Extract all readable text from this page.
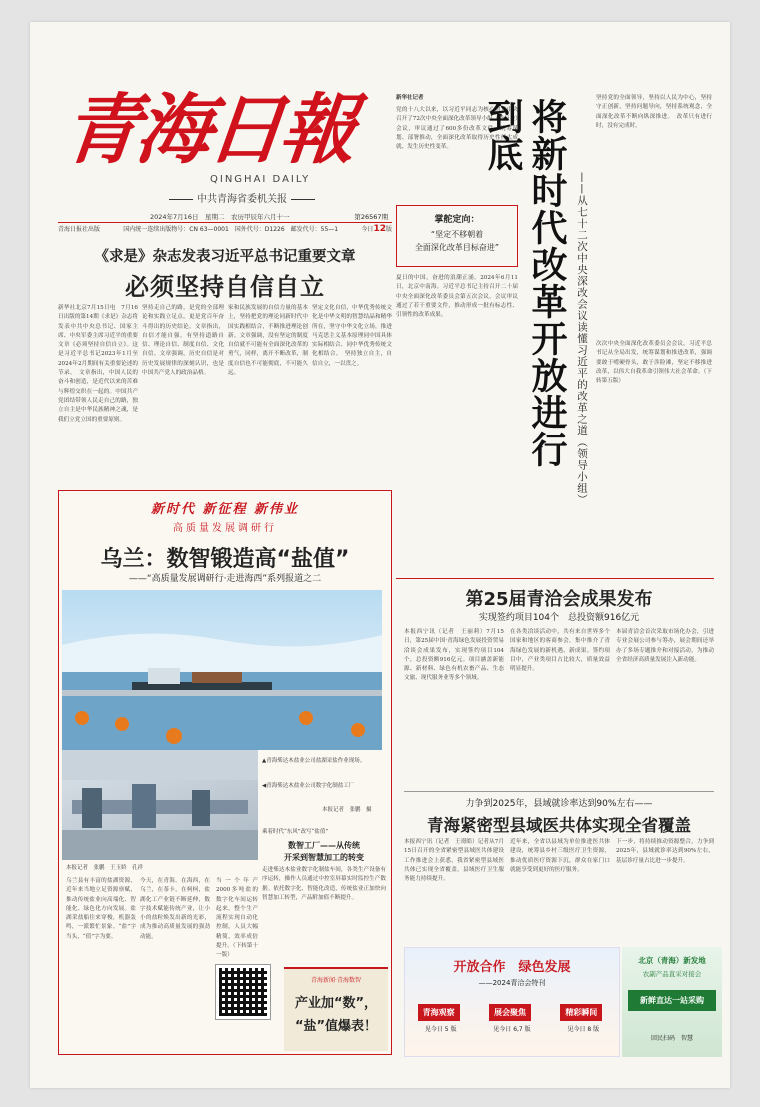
青海日報
QINGHAI DAILY
中共青海省委机关报
2024年7月16日　星期二　农历甲辰年六月十一	第26567期
青海日报社出版	国内统一连续出版物号：CN 63—0001　国外代号：D1226　邮发代号：55—1	今日12版
《求是》杂志发表习近平总书记重要文章
必须坚持自信自立
新华社北京7月15日电　7月16日出版的第14期《求是》杂志将发表中共中央总书记、国家主席、中央军委主席习近平的重要文章《必须坚持自信自立》。这是习近平总书记2023年1月至2024年2月期间有关重要论述的节录。　文章指出，中国人民的奋斗和创造，是近代以来的苦难与辉煌交织在一起的。中国共产党团结带领人民走自己的路，独立自主是中华民族精神之魂，是我们立党立国的重要原则。
坚持走自己的路，是党的全部理论和实践立足点，更是党百年奋斗得出的历史结论。文章指出，自信才能自强。有坚持道路自信、理论自信、制度自信、文化自信。文章强调，历史自信是对历史发展规律的深刻认识，也是中国共产党人的政治品格。
家和民族发展的自信力量的基本上，坚持把党的理论同新时代中国实践相结合，不断推进理论创新。文章强调，没有坚定的制度自信就不可能有全面深化改革的勇气，同样，离开不断改革，制度自信也不可能彻底，不可能久远。
坚定文化自信，中华优秀传统文化是中华文明的智慧结晶和精华所在，坚守中华文化立场，推进马克思主义基本原理同中国具体实际相结合、同中华优秀传统文化相结合。　坚持独立自主，自信自立，一以贯之。
新时代 新征程 新伟业
高质量发展调研行
乌兰：数智锻造高“盐值”
——“高质量发展调研行·走进海西”系列报道之二
▲青海柴达木盐业公司盐湖采盐作业现场。
◀青海柴达木盐业公司数字化制盐工厂
本报记者　张鹏　摄
乘着时代“东风”改写“盐值”
数智工厂——从传统
开采到智慧加工的转变
走进柴达木盐业数字化制盐车间，各类生产设备有序运转，操作人员通过中控室屏幕实时监控生产数据。依托数字化、智能化改造，传统盐业正加快向智慧加工转型，产品附加值不断提升。
本报记者　张鹏　王玉娇　孔祥
乌兰县有丰富的盐湖资源，近年来当地立足资源禀赋，推动传统盐业向高端化、智能化、绿色化方向发展。盐湖采盐船往来穿梭，机器轰鸣，一派繁忙景象。“盐”字当头，“值”字为要。
今天，在青海，在海西，在乌兰，在茶卡，在柯柯，盐湖化工产业链不断延伸，数字技术赋能传统产业，让小小的盐粒焕发出新的光彩，成为推动高质量发展的强劲动能。
当一个年产2000多吨盐的数字化车间运转起来，整个生产流程实现自动化控制，人员大幅精简，效率成倍提升。（下转第十一版）
青海新闻·青海数智
产业加“数”，
“盐”值爆表！
新华社记者
党的十八大以来，以习近平同志为核心的党中央召开了72次中央全面深化改革领导小组（委员会）会议，审议通过了600多份改革文件，统筹谋划、部署推动，全面深化改革取得历史性伟大成就、发生历史性变革。
掌舵定向：
“坚定不移朝着
全面深化改革目标奋进”
夏日的中国，奋进的浪潮正涌。2024年6月11日，北京中南海。习近平总书记主持召开二十届中央全面深化改革委员会第五次会议。会议审议通过了若干重要文件，推动形成一批有标志性、引领性的改革成果。	将新时代改革开放进行到底
——从七十二次中央深改会议读懂习近平的改革之道（领导小组）
坚持党的全面领导，坚持以人民为中心，坚持守正创新，坚持问题导向，坚持系统观念，全面深化改革不断向纵深推进。　改革只有进行时，没有完成时。
次次中央全面深化改革委员会会议，习近平总书记从全局出发，统筹谋划和推进改革，强调要敢于啃硬骨头，敢于涉险滩，坚定不移推进改革，以伟大自我革命引领伟大社会革命。（下转第五版）
第25届青洽会成果发布
实现签约项目104个　总投资额916亿元
本报西宁讯（记者　王丽莉）7月15日，第25届中国·青海绿色发展投资贸易洽谈会成果发布，实现签约项目104个，总投资额916亿元。项目涵盖新能源、新材料、绿色有机农畜产品、生态文旅、现代服务业等多个领域。
在各类洽谈活动中，共有来自世界多个国家和地区的客商参会，集中推介了青海绿色发展的新机遇、新成果。签约项目中，产业类项目占比较大，质量效益明显提升。
本届青洽会首次采取市场化办会，引进专业会展公司参与筹办，展会期间还举办了多场专题推介和对接活动，为推动全省经济高质量发展注入新动能。
力争到2025年，县域就诊率达到90%左右——
青海紧密型县域医共体实现全省覆盖
本报西宁讯（记者　王璟皓）记者从7月15日召开的全省紧密型县域医共体建设工作推进会上获悉，我省紧密型县域医共体已实现全省覆盖，县域医疗卫生服务能力持续提升。
近年来，全省以县域为单位推进医共体建设，统筹县乡村三级医疗卫生资源，推动优质医疗资源下沉，群众在家门口就能享受到更好的医疗服务。
下一步，将持续推动资源整合，力争到2025年，县域就诊率达到90%左右，基层诊疗量占比进一步提升。
开放合作　绿色发展
——2024青洽会特刊
青海观察
见今日 5 版
展会聚焦
见今日 6,7 版
精彩瞬间
见今日 8 版
北京（青海）新发地
农副产品直采对接会
新鲜直达一站采购
回民扫码　智慧
